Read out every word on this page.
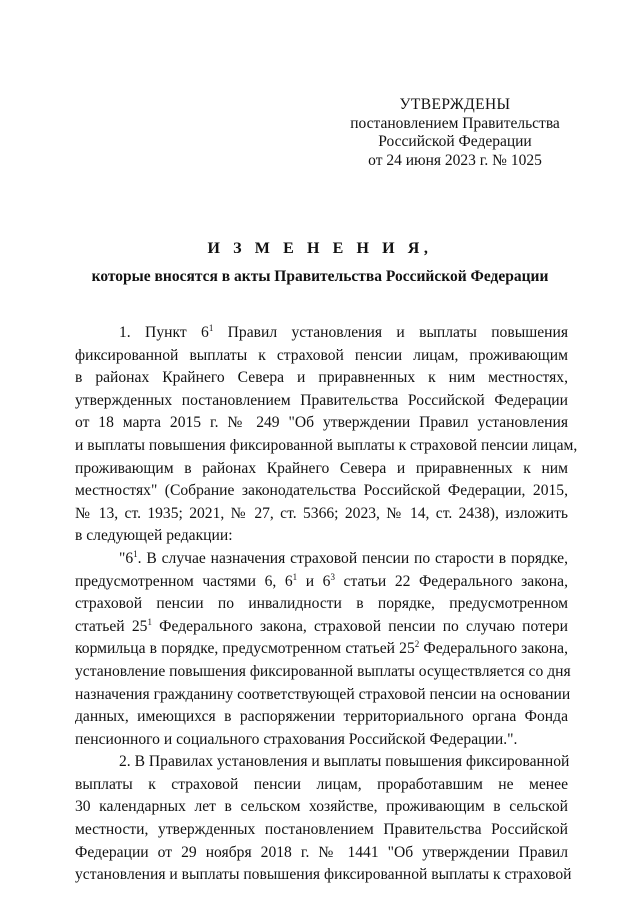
УТВЕРЖДЕНЫ
постановлением Правительства
Российской Федерации
от 24 июня 2023 г. № 1025
И З М Е Н Е Н И Я,
которые вносятся в акты Правительства Российской Федерации
1. Пункт $6^1$ Правил установления и выплаты повышения
фиксированной выплаты к страховой пенсии лицам, проживающим
в районах Крайнего Севера и приравненных к ним местностях,
утвержденных постановлением Правительства Российской Федерации
от 18 марта 2015 г. № 249 "Об утверждении Правил установления
и выплаты повышения фиксированной выплаты к страховой пенсии лицам,
проживающим в районах Крайнего Севера и приравненных к ним
местностях" (Собрание законодательства Российской Федерации, 2015,
№ 13, ст. 1935; 2021, № 27, ст. 5366; 2023, № 14, ст. 2438), изложить
в следующей редакции:
"$6^1$. В случае назначения страховой пенсии по старости в порядке,
предусмотренном частями 6, $6^1$ и $6^3$ статьи 22 Федерального закона,
страховой пенсии по инвалидности в порядке, предусмотренном
статьей $25^1$ Федерального закона, страховой пенсии по случаю потери
кормильца в порядке, предусмотренном статьей $25^2$ Федерального закона,
установление повышения фиксированной выплаты осуществляется со дня
назначения гражданину соответствующей страховой пенсии на основании
данных, имеющихся в распоряжении территориального органа Фонда
пенсионного и социального страхования Российской Федерации.".
2. В Правилах установления и выплаты повышения фиксированной
выплаты к страховой пенсии лицам, проработавшим не менее
30 календарных лет в сельском хозяйстве, проживающим в сельской
местности, утвержденных постановлением Правительства Российской
Федерации от 29 ноября 2018 г. № 1441 "Об утверждении Правил
установления и выплаты повышения фиксированной выплаты к страховой
